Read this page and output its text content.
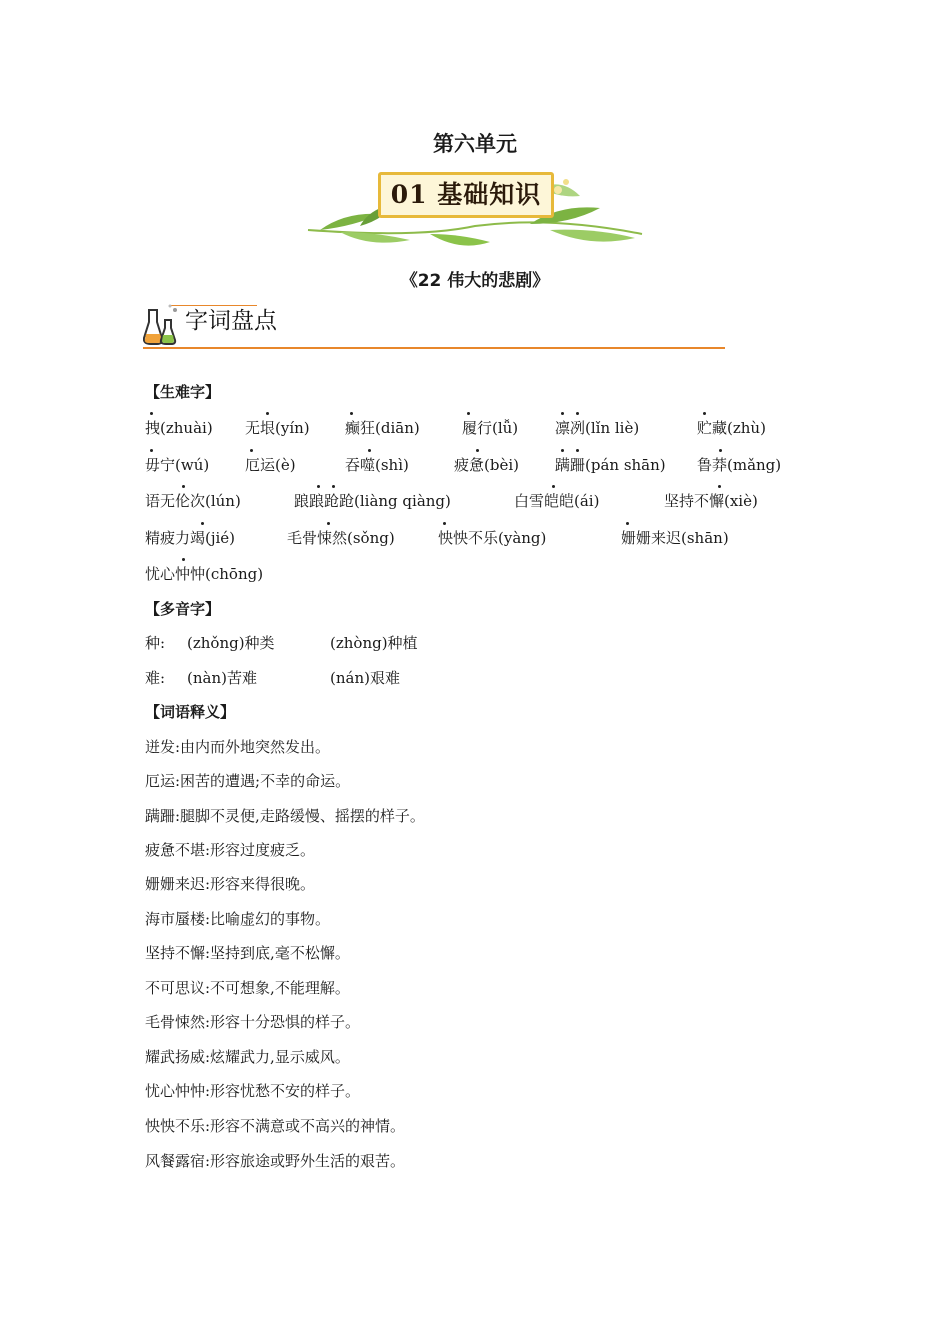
第六单元
01 基础知识
《22 伟大的悲剧》
字词盘点
【生难字】
拽(zhuài) 无垠(yín) 癫狂(diān)	履行(lǚ) 凛冽(lǐn liè)	贮藏(zhù)
毋宁(wú) 厄运(è)	吞噬(shì)	疲惫(bèi) 蹒跚(pán shān) 鲁莽(mǎng)
语无伦次(lún)	踉踉跄跄(liàng qiàng)	白雪皑皑(ái)	坚持不懈(xiè)
精疲力竭(jié)	毛骨悚然(sǒng)	怏怏不乐(yàng)	姗姗来迟(shān)
忧心忡忡(chōng)
【多音字】
种: (zhǒng)种类	(zhòng)种植
难: (nàn)苦难	(nán)艰难
【词语释义】
迸发:由内而外地突然发出。
厄运:困苦的遭遇;不幸的命运。
蹒跚:腿脚不灵便,走路缓慢、摇摆的样子。
疲惫不堪:形容过度疲乏。
姗姗来迟:形容来得很晚。
海市蜃楼:比喻虚幻的事物。
坚持不懈:坚持到底,毫不松懈。
不可思议:不可想象,不能理解。
毛骨悚然:形容十分恐惧的样子。
耀武扬威:炫耀武力,显示威风。
忧心忡忡:形容忧愁不安的样子。
怏怏不乐:形容不满意或不高兴的神情。
风餐露宿:形容旅途或野外生活的艰苦。
